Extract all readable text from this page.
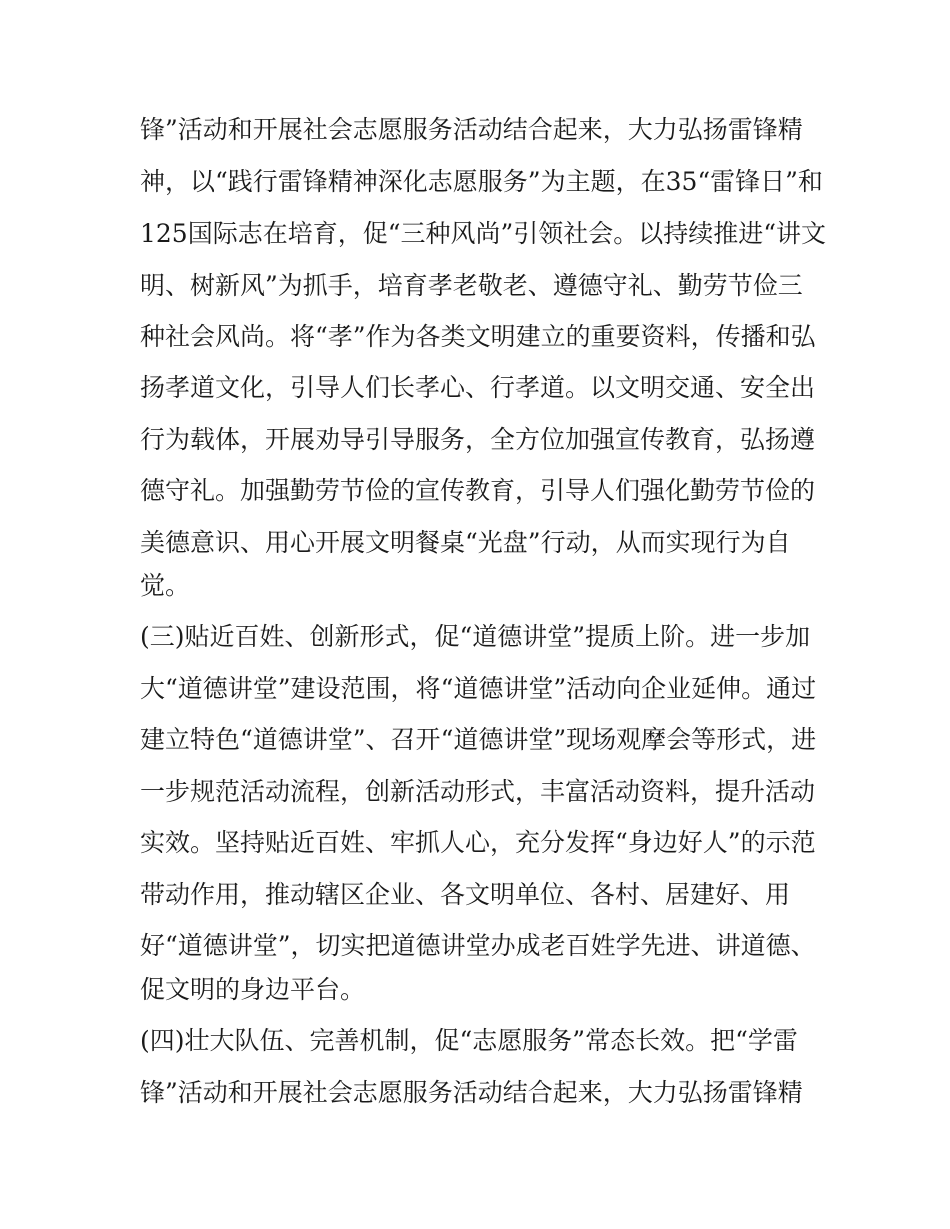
锋”活动和开展社会志愿服务活动结合起来，大力弘扬雷锋精
神，以“践行雷锋精神深化志愿服务”为主题，在35“雷锋日”和
125国际志在培育，促“三种风尚”引领社会。以持续推进“讲文
明、树新风”为抓手，培育孝老敬老、遵德守礼、勤劳节俭三
种社会风尚。将“孝”作为各类文明建立的重要资料，传播和弘
扬孝道文化，引导人们长孝心、行孝道。以文明交通、安全出
行为载体，开展劝导引导服务，全方位加强宣传教育，弘扬遵
德守礼。加强勤劳节俭的宣传教育，引导人们强化勤劳节俭的
美德意识、用心开展文明餐桌“光盘”行动，从而实现行为自
觉。
(三)贴近百姓、创新形式，促“道德讲堂”提质上阶。进一步加
大“道德讲堂”建设范围，将“道德讲堂”活动向企业延伸。通过
建立特色“道德讲堂”、召开“道德讲堂”现场观摩会等形式，进
一步规范活动流程，创新活动形式，丰富活动资料，提升活动
实效。坚持贴近百姓、牢抓人心，充分发挥“身边好人”的示范
带动作用，推动辖区企业、各文明单位、各村、居建好、用
好“道德讲堂”，切实把道德讲堂办成老百姓学先进、讲道德、
促文明的身边平台。
(四)壮大队伍、完善机制，促“志愿服务”常态长效。把“学雷
锋”活动和开展社会志愿服务活动结合起来，大力弘扬雷锋精
